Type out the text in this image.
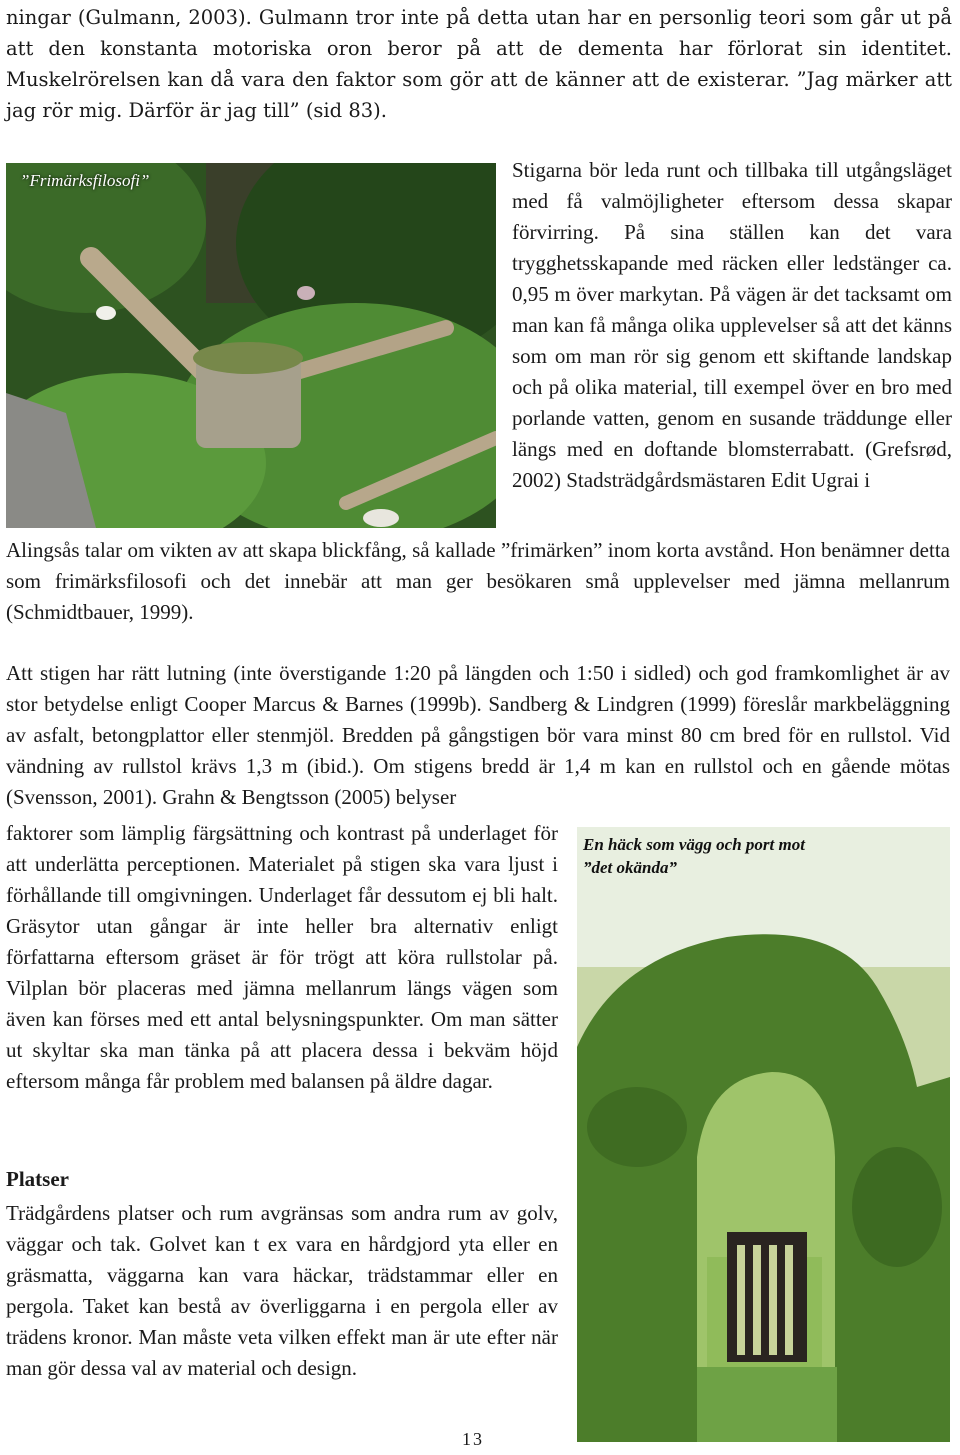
ningar (Gulmann, 2003). Gulmann tror inte på detta utan har en personlig teori som går ut på att den konstanta motoriska oron beror på att de dementa har förlorat sin identitet. Muskelrörelsen kan då vara den faktor som gör att de känner att de existerar. ”Jag märker att jag rör mig. Därför är jag till” (sid 83).

”Frimärksfilosofi”	Stigarna bör leda runt och tillbaka till utgångsläget med få valmöjligheter eftersom dessa skapar förvirring. På sina ställen kan det vara trygghetsskapande med räcken eller ledstänger ca. 0,95 m över markytan. På vägen är det tacksamt om man kan få många olika upplevelser så att det känns som om man rör sig genom ett skiftande landskap och på olika material, till exempel över en bro med porlande vatten, genom en susande träddunge eller längs med en doftande blomsterrabatt. (Grefsrød, 2002) Stadsträdgårdsmästaren Edit Ugrai i

Alingsås talar om vikten av att skapa blickfång, så kallade ”frimärken” inom korta avstånd. Hon benämner detta som frimärksfilosofi och det innebär att man ger besökaren små upplevelser med jämna mellanrum (Schmidtbauer, 1999).

Att stigen har rätt lutning (inte överstigande 1:20 på längden och 1:50 i sidled) och god framkomlighet är av stor betydelse enligt Cooper Marcus & Barnes (1999b). Sandberg & Lindgren (1999) föreslår markbeläggning av asfalt, betongplattor eller stenmjöl. Bredden på gångstigen bör vara minst 80 cm bred för en rullstol. Vid vändning av rullstol krävs 1,3 m (ibid.). Om stigens bredd är 1,4 m kan en rullstol och en gående mötas (Svensson, 2001). Grahn & Bengtsson (2005) belyser

faktorer som lämplig färgsättning och kontrast på underlaget för att underlätta perceptionen. Materialet på stigen ska vara ljust i förhållande till omgivningen. Underlaget får dessutom ej bli halt. Gräsytor utan gångar är inte heller bra alternativ enligt författarna eftersom gräset är för trögt att köra rullstolar på. Vilplan bör placeras med jämna mellanrum längs vägen som även kan förses med ett antal belysningspunkter. Om man sätter ut skyltar ska man tänka på att placera dessa i bekväm höjd eftersom många får problem med balansen på äldre dagar.

En häck som vägg och port mot ”det okända”
Platser

Trädgårdens platser och rum avgränsas som andra rum av golv, väggar och tak. Golvet kan t ex vara en hårdgjord yta eller en gräsmatta, väggarna kan vara häckar, trädstammar eller en pergola. Taket kan bestå av överliggarna i en pergola eller av trädens kronor. Man måste veta vilken effekt man är ute efter när man gör dessa val av material och design.

13
